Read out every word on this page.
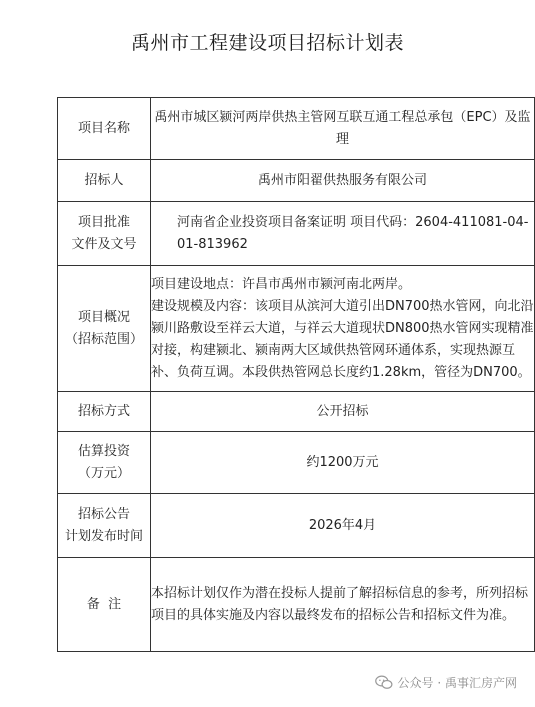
禹州市工程建设项目招标计划表
项目名称	禹州市城区颍河两岸供热主管网互联互通工程总承包（EPC）及监理
招标人	禹州市阳翟供热服务有限公司

项目批准
文件及文号	河南省企业投资项目备案证明 项目代码：2604-411081-04-01-813962

项目概况
（招标范围）	项目建设地点：许昌市禹州市颍河南北两岸。
建设规模及内容：该项目从滨河大道引出DN700热水管网，向北沿颍川路敷设至祥云大道，与祥云大道现状DN800热水管网实现精准对接，构建颍北、颍南两大区域供热管网环通体系，实现热源互补、负荷互调。本段供热管网总长度约1.28km，管径为DN700。

招标方式	公开招标

估算投资
（万元）	约1200万元

招标公告
计划发布时间	2026年4月
备  注	本招标计划仅作为潜在投标人提前了解招标信息的参考，所列招标项目的具体实施及内容以最终发布的招标公告和招标文件为准。
公众号 · 禹事汇房产网
